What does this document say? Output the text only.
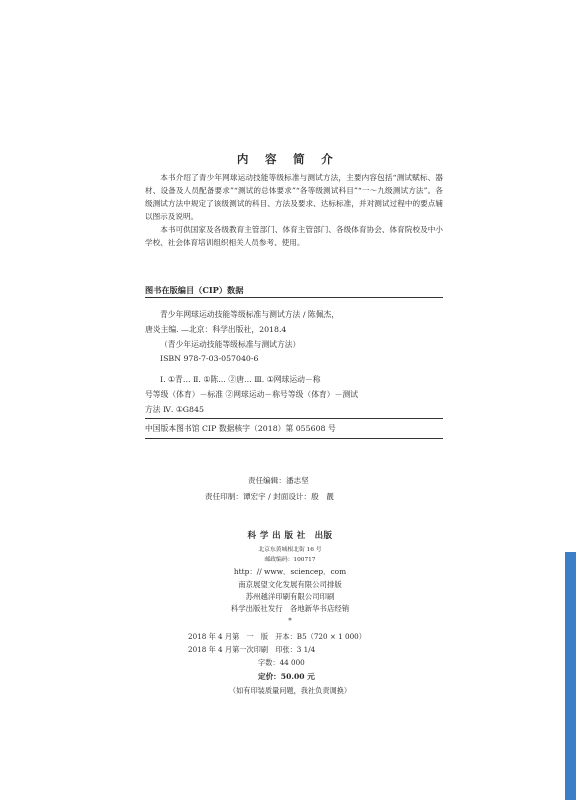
内 容 简 介

本书介绍了青少年网球运动技能等级标准与测试方法，主要内容包括“测试赋标、器材、设备及人员配备要求”“测试的总体要求”“各等级测试科目”“一～九级测试方法”。各级测试方法中规定了该级测试的科目、方法及要求、达标标准，并对测试过程中的要点辅以图示及说明。

本书可供国家及各级教育主管部门、体育主管部门、各级体育协会、体育院校及中小学校、社会体育培训组织相关人员参考、使用。

图书在版编目（CIP）数据
青少年网球运动技能等级标准与测试方法 / 陈佩杰，
唐炎主编. —北京：科学出版社，2018.4
（青少年运动技能等级标准与测试方法）
ISBN 978-7-03-057040-6
Ⅰ. ①青… Ⅱ. ①陈… ②唐… Ⅲ. ①网球运动－称
号等级（体育）－标准 ②网球运动－称号等级（体育）－测试
方法 Ⅳ. ①G845
中国版本图书馆 CIP 数据核字（2018）第 055608 号
责任编辑：潘志坚
责任印制：谭宏宇 / 封面设计：殷　靓
科 学 出 版 社　出版
北京东黄城根北街 16 号
邮政编码：100717
http：// www．sciencep．com
南京展望文化发展有限公司排版
苏州越洋印刷有限公司印刷
科学出版社发行　各地新华书店经销
*
2018 年 4 月第　一　版　开本：B5（720 × 1 000）
2018 年 4 月第一次印刷　印张：3 1/4
字数：44 000
定价：50.00 元
（如有印装质量问题，我社负责调换）
